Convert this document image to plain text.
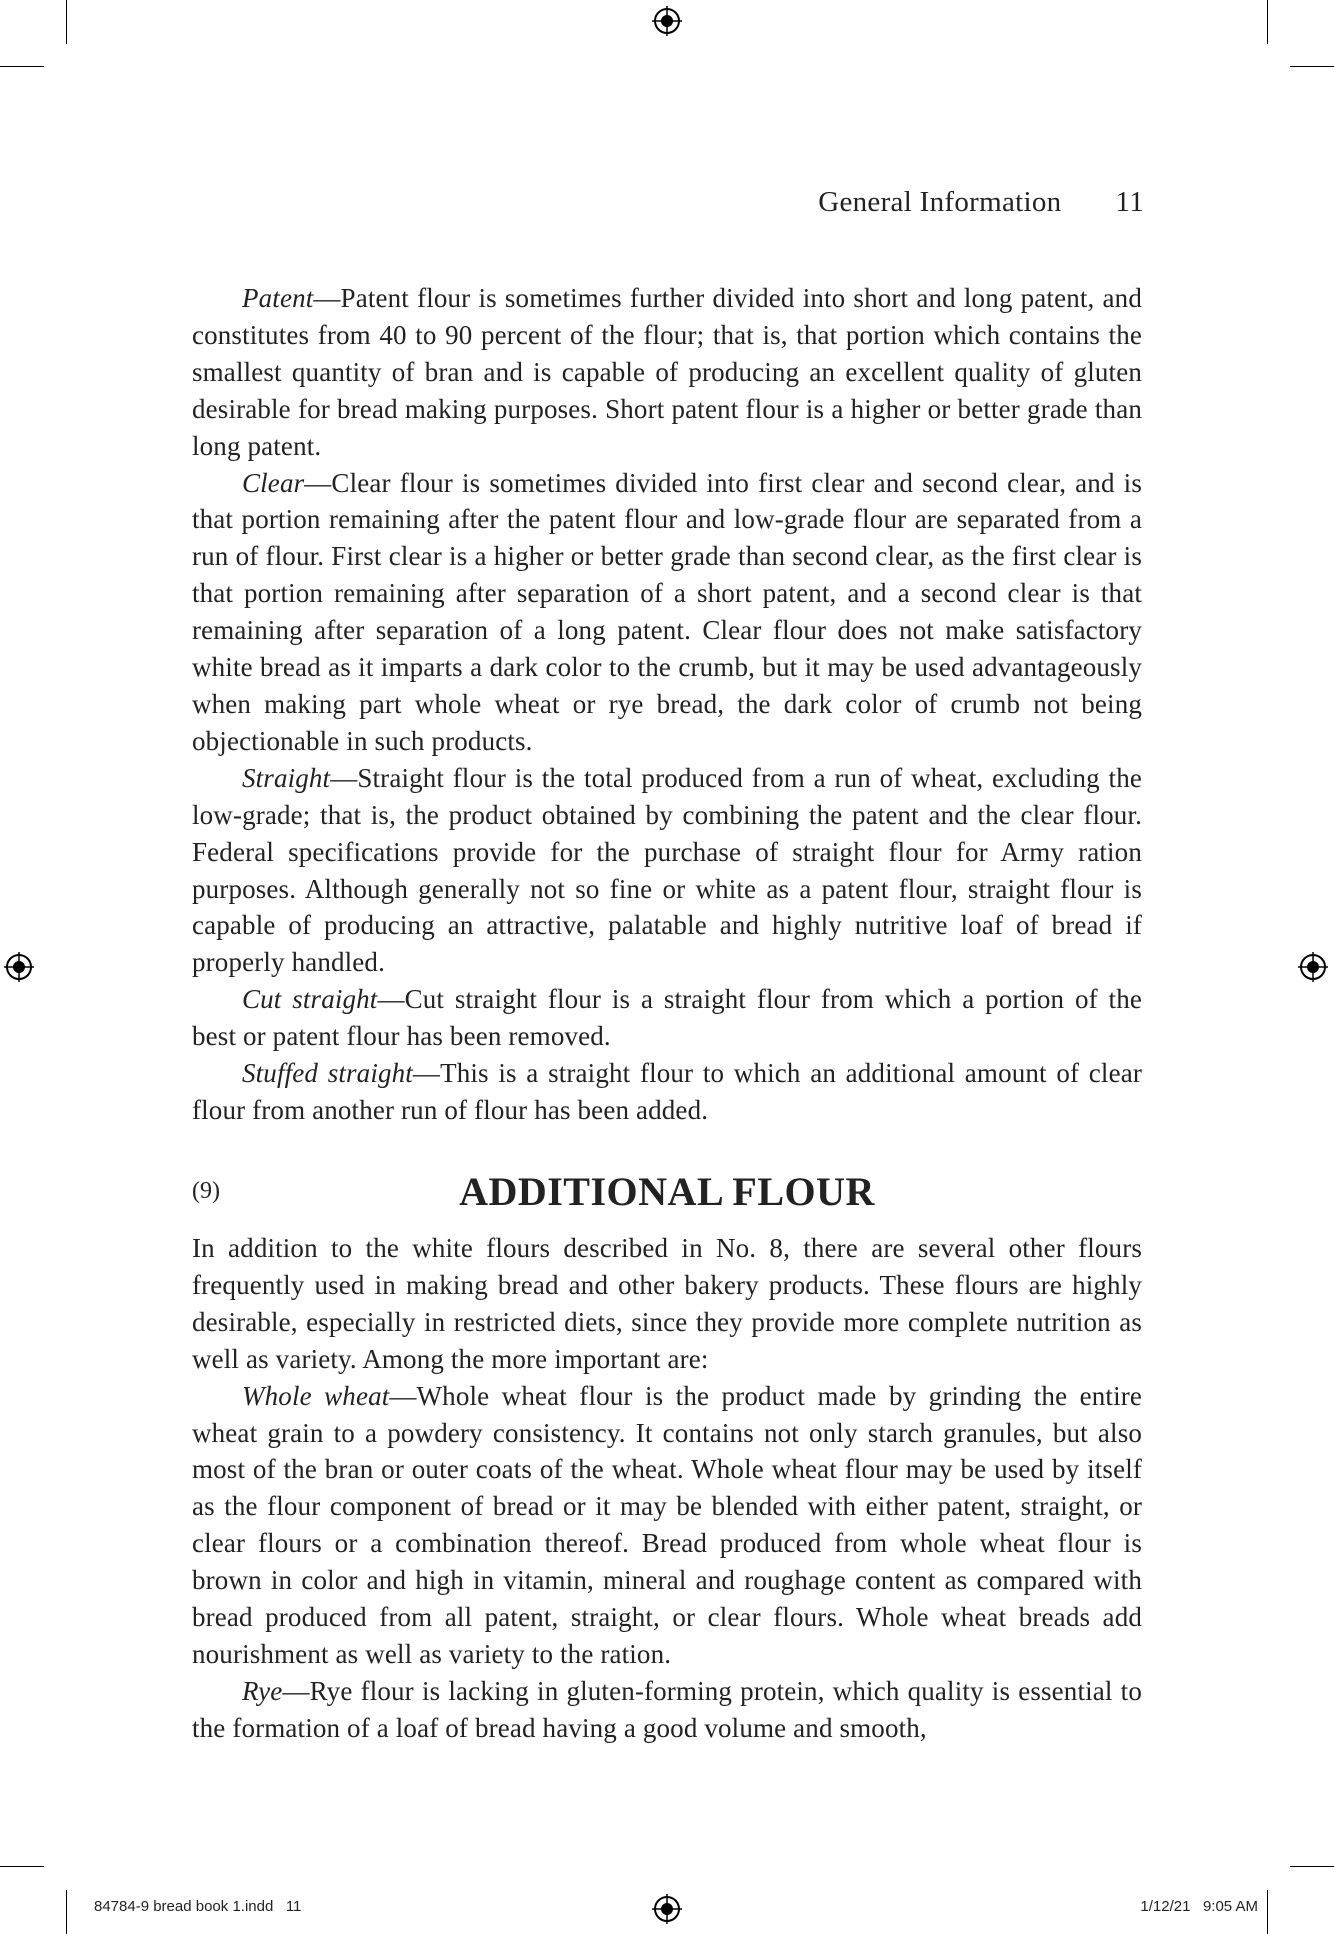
General Information 11

Patent—Patent flour is sometimes further divided into short and long patent, and constitutes from 40 to 90 percent of the flour; that is, that portion which contains the smallest quantity of bran and is capable of producing an excellent quality of gluten desirable for bread making purposes. Short patent flour is a higher or better grade than long patent.

Clear—Clear flour is sometimes divided into first clear and second clear, and is that portion remaining after the patent flour and low-grade flour are separated from a run of flour. First clear is a higher or better grade than second clear, as the first clear is that portion remaining after separation of a short patent, and a second clear is that remaining after separation of a long patent. Clear flour does not make satisfactory white bread as it imparts a dark color to the crumb, but it may be used advantageously when making part whole wheat or rye bread, the dark color of crumb not being objectionable in such products.

Straight—Straight flour is the total produced from a run of wheat, excluding the low-grade; that is, the product obtained by combining the patent and the clear flour. Federal specifications provide for the purchase of straight flour for Army ration purposes. Although generally not so fine or white as a patent flour, straight flour is capable of producing an attractive, palatable and highly nutritive loaf of bread if properly handled.

Cut straight—Cut straight flour is a straight flour from which a portion of the best or patent flour has been removed.

Stuffed straight—This is a straight flour to which an additional amount of clear flour from another run of flour has been added.

(9)	ADDITIONAL FLOUR

In addition to the white flours described in No. 8, there are several other flours frequently used in making bread and other bakery products. These flours are highly desirable, especially in restricted diets, since they provide more complete nutrition as well as variety. Among the more important are:

Whole wheat—Whole wheat flour is the product made by grinding the entire wheat grain to a powdery consistency. It contains not only starch granules, but also most of the bran or outer coats of the wheat. Whole wheat flour may be used by itself as the flour component of bread or it may be blended with either patent, straight, or clear flours or a combination thereof. Bread produced from whole wheat flour is brown in color and high in vitamin, mineral and roughage content as compared with bread produced from all patent, straight, or clear flours. Whole wheat breads add nourishment as well as variety to the ration.

Rye—Rye flour is lacking in gluten-forming protein, which quality is essential to the formation of a loaf of bread having a good volume and smooth,

84784-9 bread book 1.indd   11	1/12/21   9:05 AM
